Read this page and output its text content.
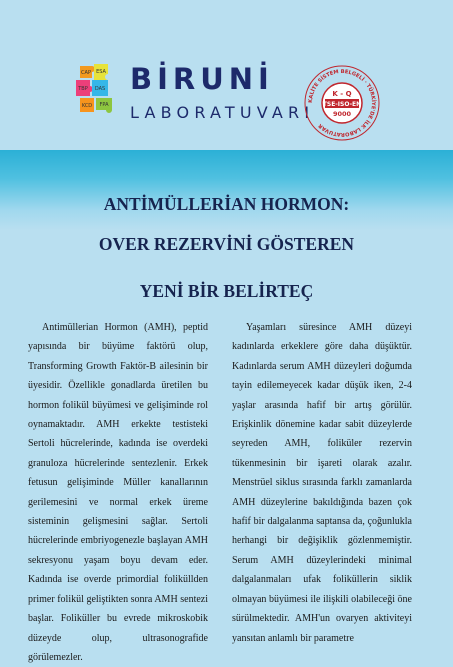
CAP ESA
TBP DAS
KCD FPA
BİRUNİ
LABORATUVARI
KALİTE SİSTEM BELGELİ · TÜRKİYE'DE İLK LABORATUVAR
K - Q
TSE-ISO-EN
9000
ANTİMÜLLERİAN HORMON:
OVER REZERVİNİ GÖSTEREN
YENİ BİR BELİRTEÇ

Antimüllerian Hormon (AMH), peptid yapısında bir büyüme faktörü olup, Transforming Growth Faktör-B ailesinin bir üyesidir. Özellikle gonadlarda üretilen bu hormon folikül büyümesi ve gelişiminde rol oynamaktadır. AMH erkekte testisteki Sertoli hücrelerinde, kadında ise overdeki granuloza hücrelerinde sentezlenir. Erkek fetusun gelişiminde Müller kanallarının gerilemesini ve normal erkek üreme sisteminin gelişmesini sağlar. Sertoli hücrelerinde embriyogenezle başlayan AMH sekresyonu yaşam boyu devam eder. Kadında ise overde primordial foliküllden primer folikül geliştikten sonra AMH sentezi başlar. Foliküller bu evrede mikroskobik düzeyde olup, ultrasonografide görülemezler.

Yaşamları süresince AMH düzeyi kadınlarda erkeklere göre daha düşüktür. Kadınlarda serum AMH düzeyleri doğumda tayin edilemeyecek kadar düşük iken, 2-4 yaşlar arasında hafif bir artış görülür. Erişkinlik dönemine kadar sabit düzeylerde seyreden AMH, foliküler rezervin tükenmesinin bir işareti olarak azalır. Menstrüel siklus sırasında farklı zamanlarda AMH düzeylerine bakıldığında bazen çok hafif bir dalgalanma saptansa da, çoğunlukla herhangi bir değişiklik gözlenmemiştir. Serum AMH düzeylerindeki minimal dalgalanmaları ufak foliküllerin siklik olmayan büyümesi ile ilişkili olabileceği öne sürülmektedir. AMH'un ovaryen aktiviteyi yansıtan anlamlı bir parametre
